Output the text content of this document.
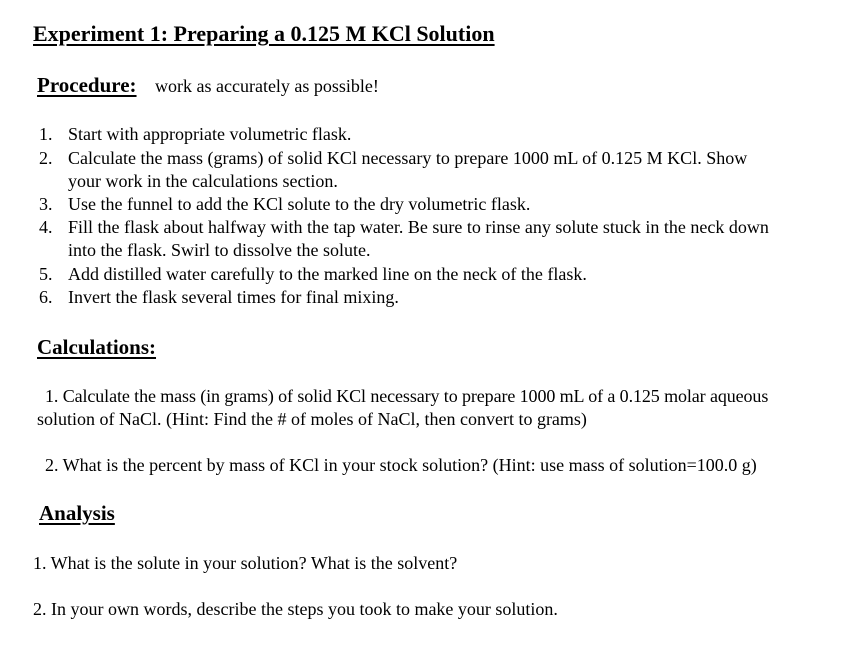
Experiment 1: Preparing a 0.125 M KCl Solution
Procedure: work as accurately as possible!
1. Start with appropriate volumetric flask.
2. Calculate the mass (grams) of solid KCl necessary to prepare 1000 mL of 0.125 M KCl. Show
your work in the calculations section.
3. Use the funnel to add the KCl solute to the dry volumetric flask.
4. Fill the flask about halfway with the tap water. Be sure to rinse any solute stuck in the neck down
into the flask. Swirl to dissolve the solute.
5. Add distilled water carefully to the marked line on the neck of the flask.
6. Invert the flask several times for final mixing.
Calculations:
1. Calculate the mass (in grams) of solid KCl necessary to prepare 1000 mL of a 0.125 molar aqueous
solution of NaCl. (Hint: Find the # of moles of NaCl, then convert to grams)
2. What is the percent by mass of KCl in your stock solution? (Hint: use mass of solution=100.0 g)
Analysis
1. What is the solute in your solution? What is the solvent?
2. In your own words, describe the steps you took to make your solution.
